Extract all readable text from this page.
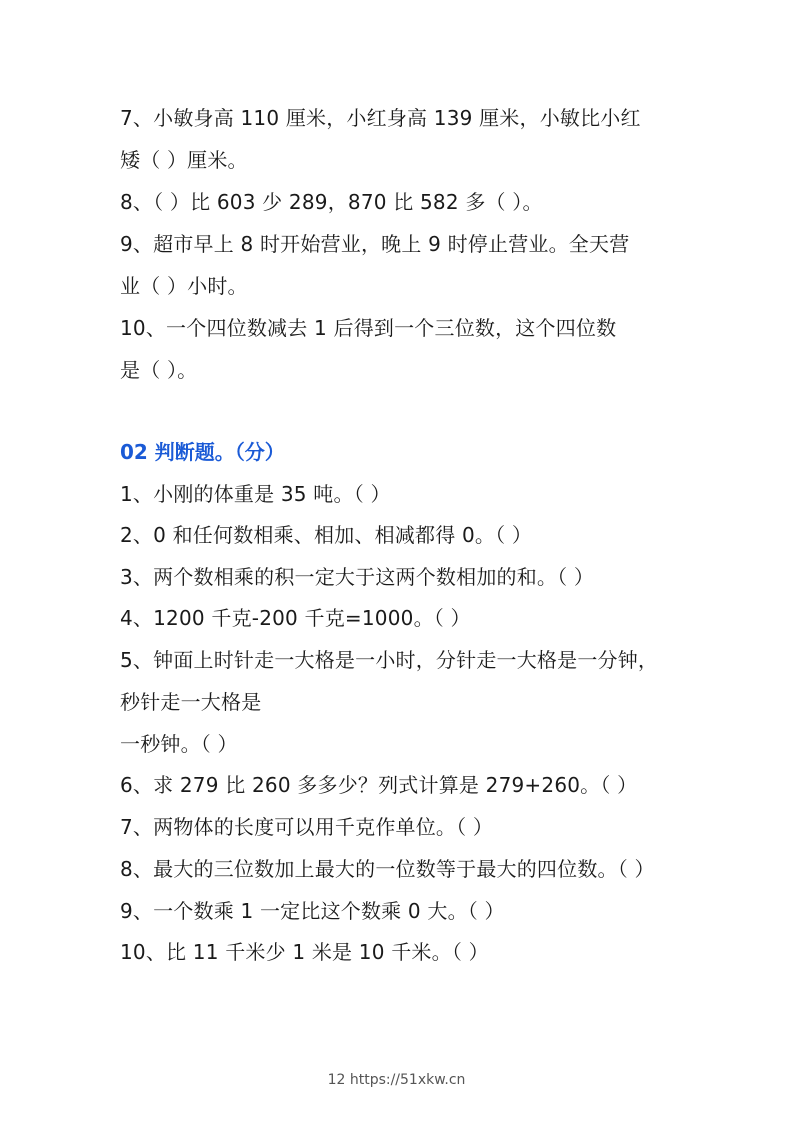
7、小敏身高 110 厘米，小红身高 139 厘米，小敏比小红
矮（ ）厘米。
8、（ ）比 603 少 289，870 比 582 多（ ）。
9、超市早上 8 时开始营业，晚上 9 时停止营业。全天营
业（ ）小时。
10、一个四位数减去 1 后得到一个三位数，这个四位数
是（ ）。
02 判断题。（分）
1、小刚的体重是 35 吨。（ ）
2、0 和任何数相乘、相加、相减都得 0。（ ）
3、两个数相乘的积一定大于这两个数相加的和。（ ）
4、1200 千克-200 千克=1000。（ ）
5、钟面上时针走一大格是一小时，分针走一大格是一分钟，
秒针走一大格是
一秒钟。（ ）
6、求 279 比 260 多多少？列式计算是 279+260。（ ）
7、两物体的长度可以用千克作单位。（ ）
8、最大的三位数加上最大的一位数等于最大的四位数。（ ）
9、一个数乘 1 一定比这个数乘 0 大。（ ）
10、比 11 千米少 1 米是 10 千米。（ ）
12 https://51xkw.cn
